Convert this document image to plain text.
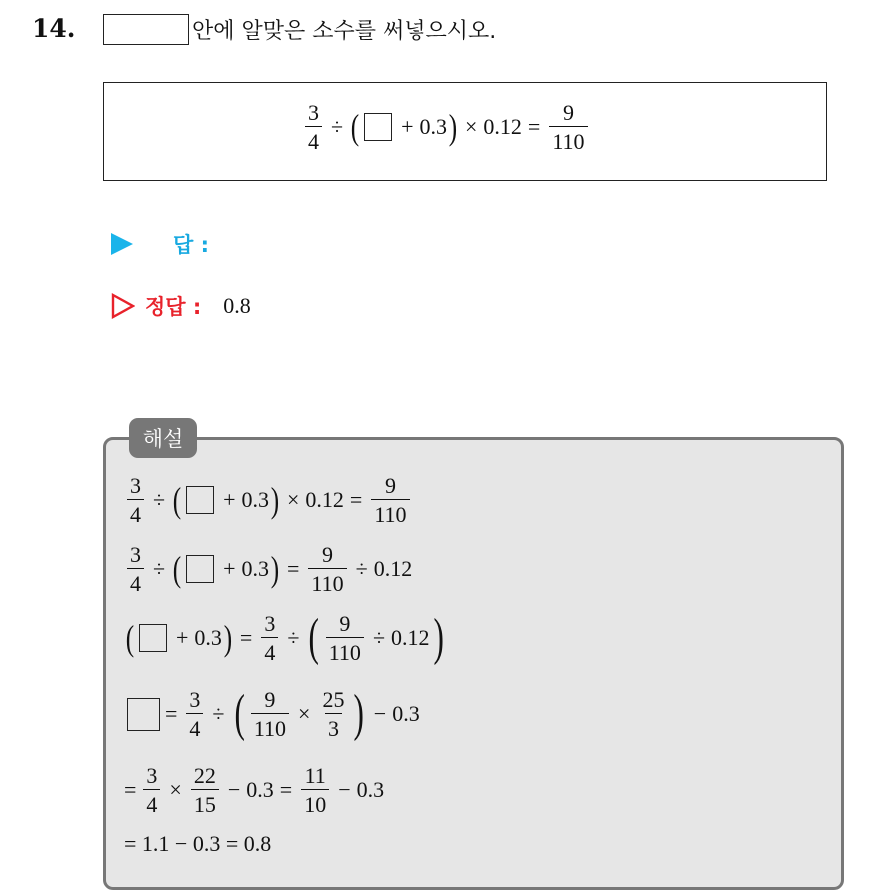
14.	안에 알맞은 소수를 써넣으시오.
$\frac{3}{4}$ ÷ ( + 0.3 ) × $0.12 = \frac{9}{110}$
답 :
정답 : 0.8
해설
$\frac{3}{4}$ ÷ ( + 0.3 ) × $0.12 = \frac{9}{110}$
$\frac{3}{4}$ ÷ ( + 0.3 ) = $\frac{9}{110} \div 0.12$
( + 0.3 ) = $\frac{3}{4}$ ÷ ( $\frac{9}{110} \div 0.12$ )
= $\frac{3}{4}$ ÷ ( $\frac{9}{110} \times \frac{25}{3}$ ) − 0.3
= $\frac{3}{4} \times \frac{22}{15} - 0.3 = \frac{11}{10} - 0.3$
= 1.1 − 0.3 = 0.8
